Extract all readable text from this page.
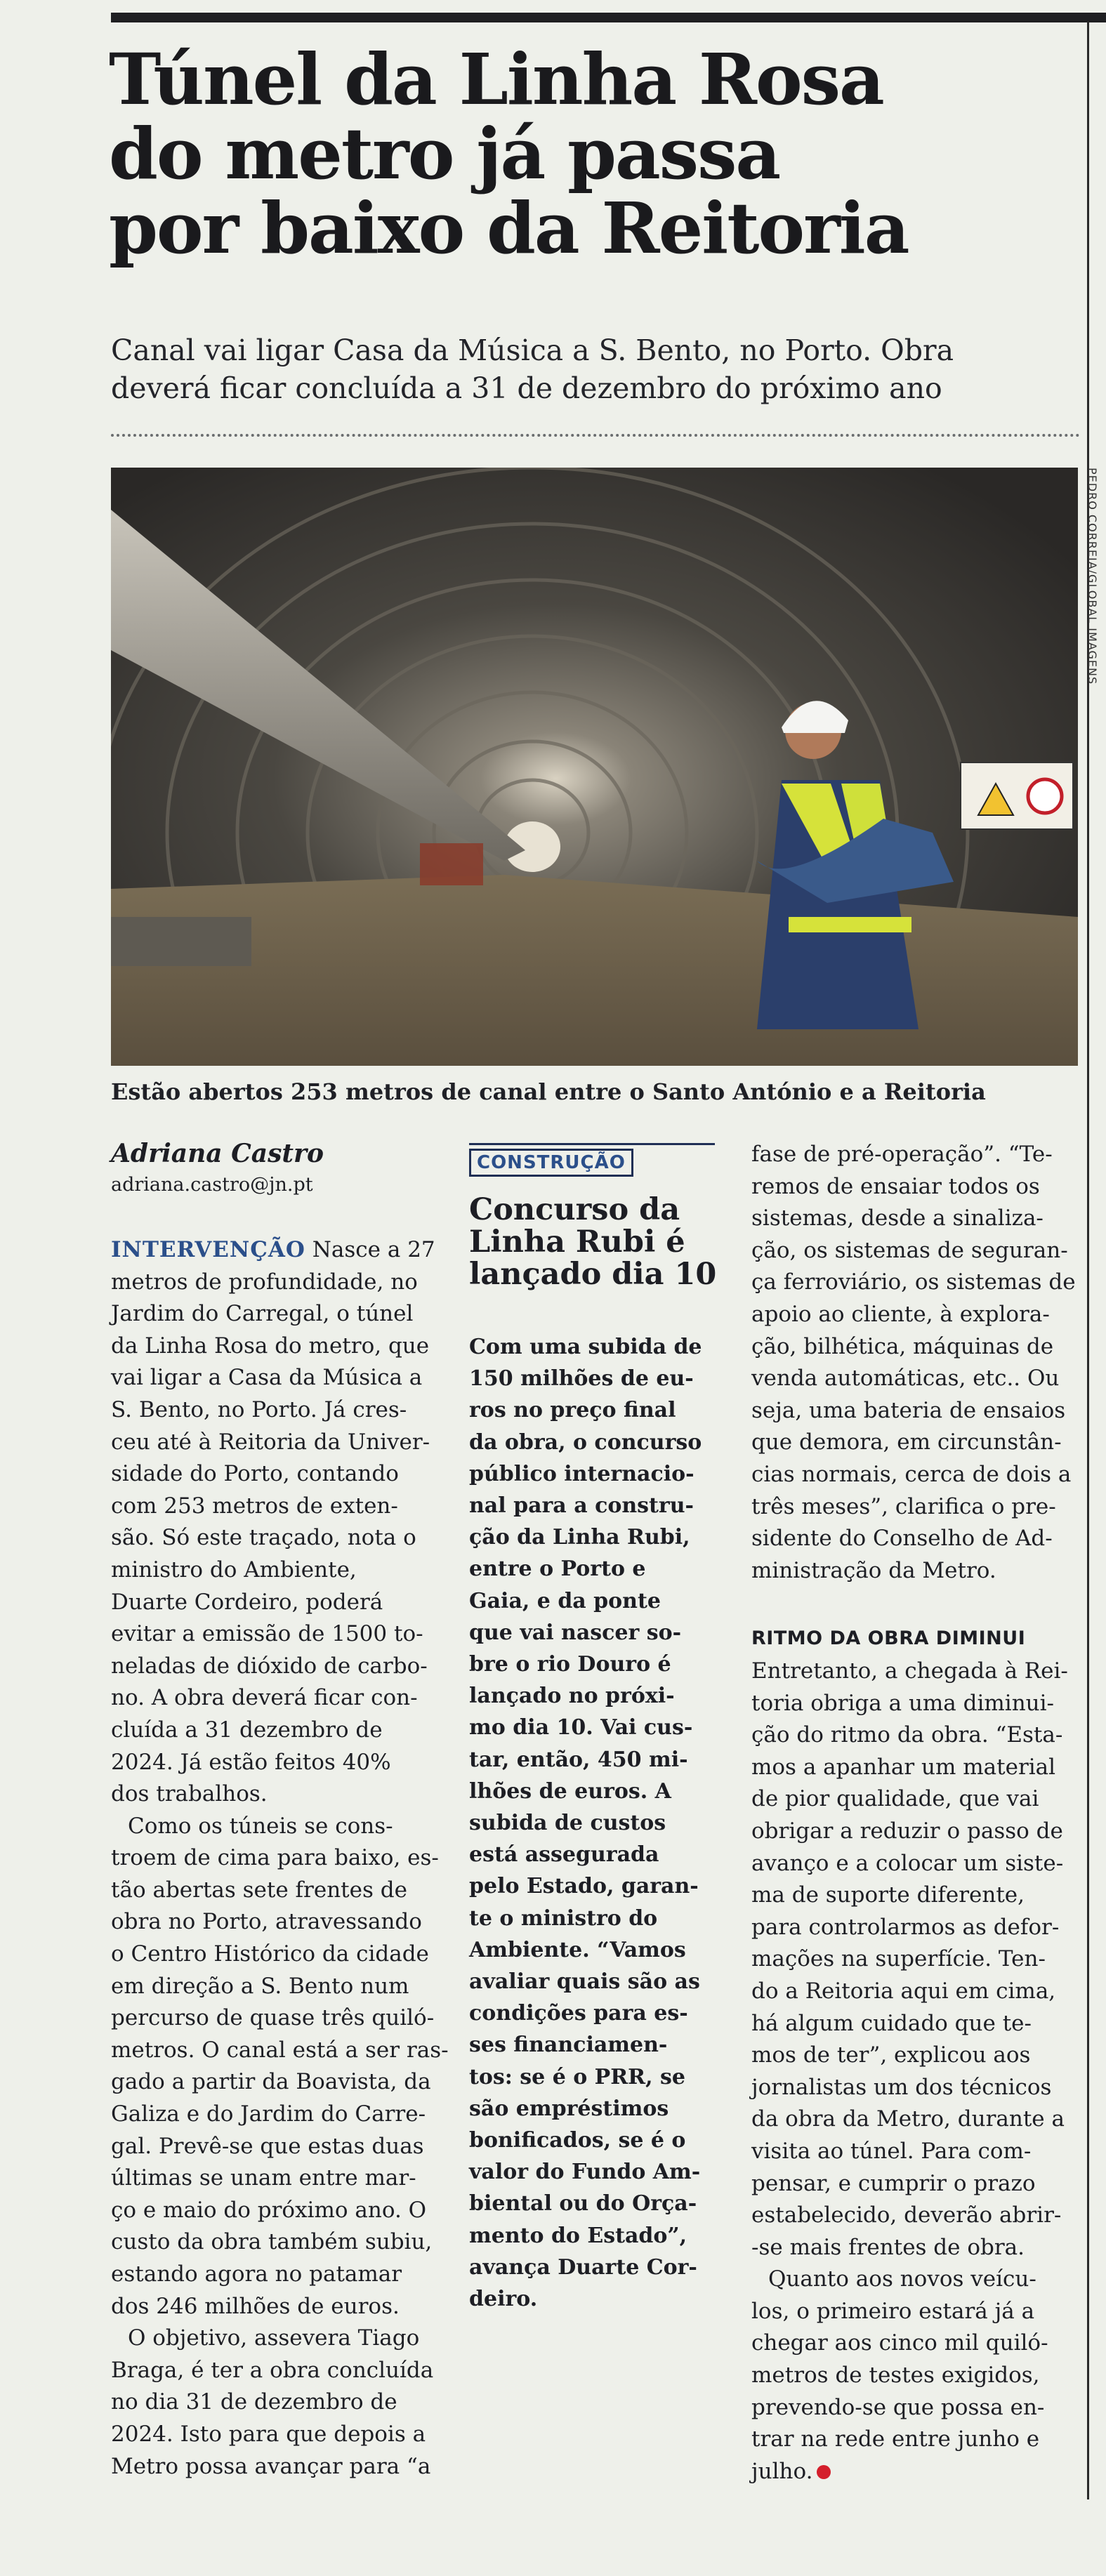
Túnel da Linha Rosa
do metro já passa
por baixo da Reitoria

Canal vai ligar Casa da Música a S. Bento, no Porto. Obra
deverá ficar concluída a 31 de dezembro do próximo ano

PEDRO CORREIA/GLOBAL IMAGENS

Estão abertos 253 metros de canal entre o Santo António e a Reitoria

Adriana Castro
adriana.castro@jn.pt
INTERVENÇÃO Nasce a 27
metros de profundidade, no
Jardim do Carregal, o túnel
da Linha Rosa do metro, que
vai ligar a Casa da Música a
S. Bento, no Porto. Já cres-
ceu até à Reitoria da Univer-
sidade do Porto, contando
com 253 metros de exten-
são. Só este traçado, nota o
ministro do Ambiente,
Duarte Cordeiro, poderá
evitar a emissão de 1500 to-
neladas de dióxido de carbo-
no. A obra deverá ficar con-
cluída a 31 dezembro de
2024. Já estão feitos 40%
dos trabalhos.
Como os túneis se cons-
troem de cima para baixo, es-
tão abertas sete frentes de
obra no Porto, atravessando
o Centro Histórico da cidade
em direção a S. Bento num
percurso de quase três quiló-
metros. O canal está a ser ras-
gado a partir da Boavista, da
Galiza e do Jardim do Carre-
gal. Prevê-se que estas duas
últimas se unam entre mar-
ço e maio do próximo ano. O
custo da obra também subiu,
estando agora no patamar
dos 246 milhões de euros.
O objetivo, assevera Tiago
Braga, é ter a obra concluída
no dia 31 de dezembro de
2024. Isto para que depois a
Metro possa avançar para “a
CONSTRUÇÃO
Concurso da
Linha Rubi é
lançado dia 10
Com uma subida de
150 milhões de eu-
ros no preço final
da obra, o concurso
público internacio-
nal para a constru-
ção da Linha Rubi,
entre o Porto e
Gaia, e da ponte
que vai nascer so-
bre o rio Douro é
lançado no próxi-
mo dia 10. Vai cus-
tar, então, 450 mi-
lhões de euros. A
subida de custos
está assegurada
pelo Estado, garan-
te o ministro do
Ambiente. “Vamos
avaliar quais são as
condições para es-
ses financiamen-
tos: se é o PRR, se
são empréstimos
bonificados, se é o
valor do Fundo Am-
biental ou do Orça-
mento do Estado”,
avança Duarte Cor-
deiro.
fase de pré-operação”. “Te-
remos de ensaiar todos os
sistemas, desde a sinaliza-
ção, os sistemas de seguran-
ça ferroviário, os sistemas de
apoio ao cliente, à explora-
ção, bilhética, máquinas de
venda automáticas, etc.. Ou
seja, uma bateria de ensaios
que demora, em circunstân-
cias normais, cerca de dois a
três meses”, clarifica o pre-
sidente do Conselho de Ad-
ministração da Metro.
RITMO DA OBRA DIMINUI
Entretanto, a chegada à Rei-
toria obriga a uma diminui-
ção do ritmo da obra. “Esta-
mos a apanhar um material
de pior qualidade, que vai
obrigar a reduzir o passo de
avanço e a colocar um siste-
ma de suporte diferente,
para controlarmos as defor-
mações na superfície. Ten-
do a Reitoria aqui em cima,
há algum cuidado que te-
mos de ter”, explicou aos
jornalistas um dos técnicos
da obra da Metro, durante a
visita ao túnel. Para com-
pensar, e cumprir o prazo
estabelecido, deverão abrir-
-se mais frentes de obra.
Quanto aos novos veícu-
los, o primeiro estará já a
chegar aos cinco mil quiló-
metros de testes exigidos,
prevendo-se que possa en-
trar na rede entre junho e
julho.
